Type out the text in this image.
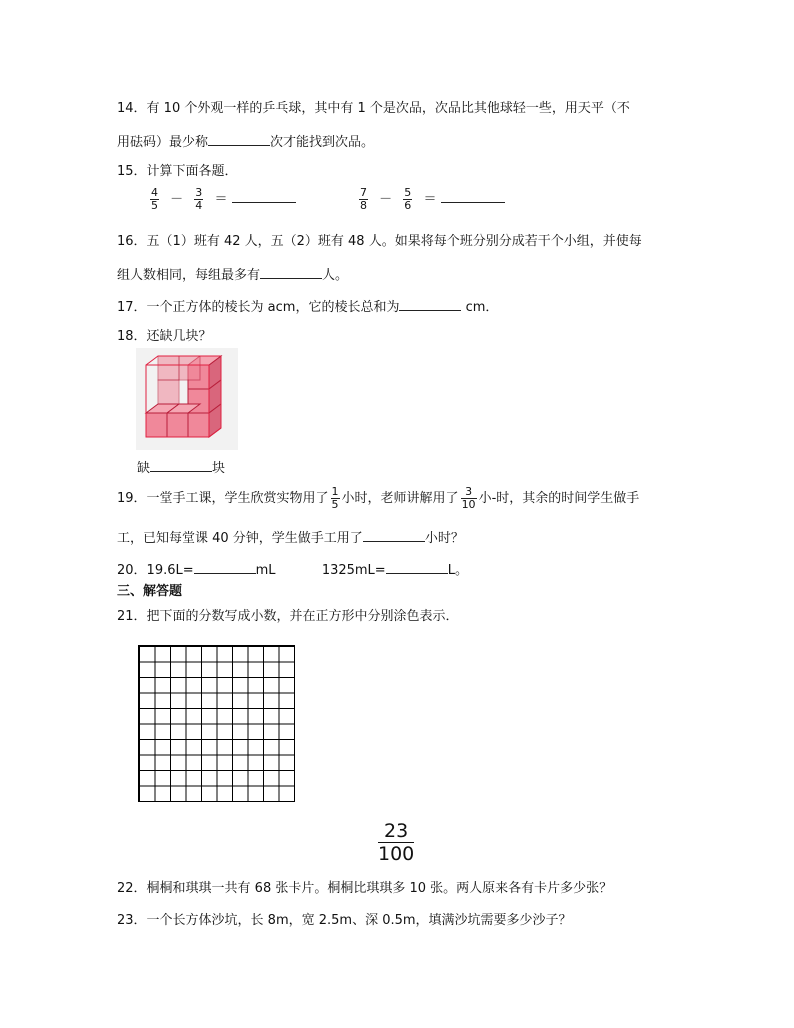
14．有 10 个外观一样的乒乓球，其中有 1 个是次品，次品比其他球轻一些，用天平（不
用砝码）最少称	次才能找到次品。
15．计算下面各题．
$\frac{4}{5} - \frac{3}{4}$ ＝	$\frac{7}{8} - \frac{5}{6}$ ＝
16．五（1）班有 42 人，五（2）班有 48 人。如果将每个班分别分成若干个小组，并使每
组人数相同，每组最多有	人。
17．一个正方体的棱长为 acm，它的棱长总和为	cm．
18．还缺几块？
缺	块
19．一堂手工课，学生欣赏实物用了 $\frac{1}{5}$ 小时，老师讲解用了 $\frac{3}{10}$ 小-时，其余的时间学生做手
工，已知每堂课 40 分钟，学生做手工用了	小时？
20．19.6L=	mL	1325mL=	L。
三、解答题
21．把下面的分数写成小数，并在正方形中分别涂色表示．
23
100
22．桐桐和琪琪一共有 68 张卡片。桐桐比琪琪多 10 张。两人原来各有卡片多少张？
23．一个长方体沙坑，长 8m，宽 2.5m、深 0.5m，填满沙坑需要多少沙子？
